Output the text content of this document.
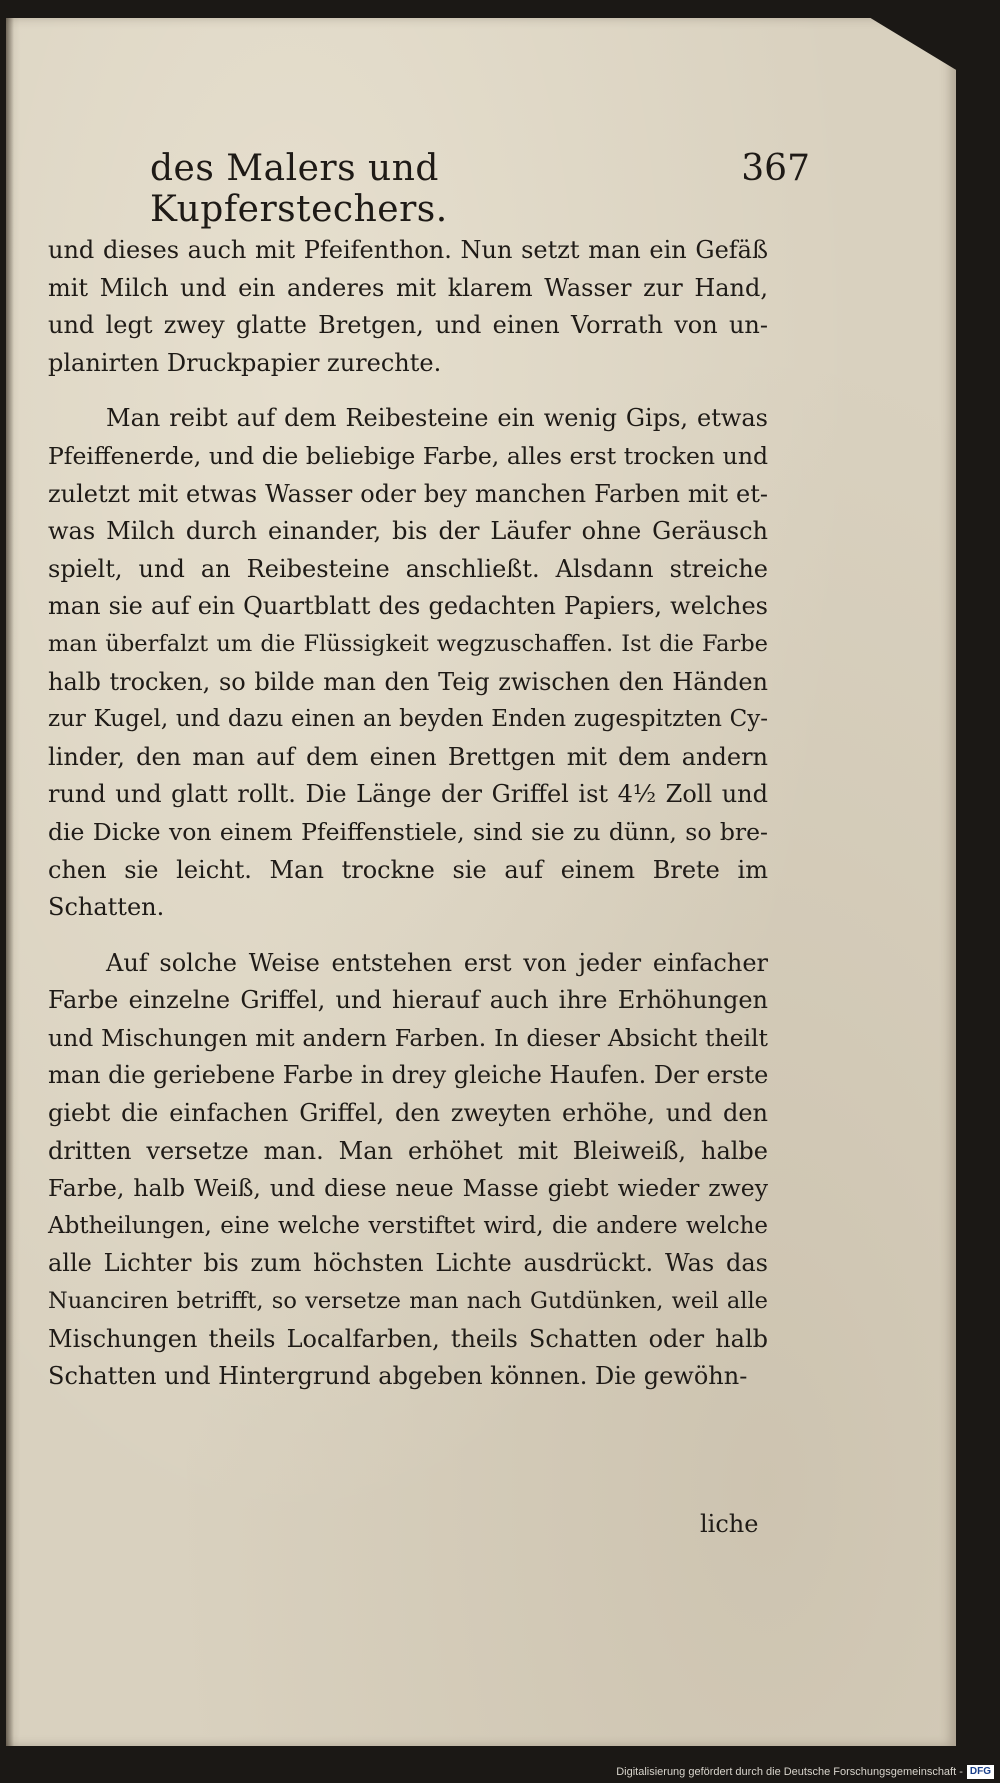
des Malers und Kupferstechers.
367

und dieses auch mit Pfeifenthon. Nun setzt man ein Gefäß
mit Milch und ein anderes mit klarem Wasser zur Hand,
und legt zwey glatte Bretgen, und einen Vorrath von un-
planirten Druckpapier zurechte.

Man reibt auf dem Reibesteine ein wenig Gips, etwas
Pfeiffenerde, und die beliebige Farbe, alles erst trocken und
zuletzt mit etwas Wasser oder bey manchen Farben mit et-
was Milch durch einander, bis der Läufer ohne Geräusch
spielt, und an Reibesteine anschließt. Alsdann streiche
man sie auf ein Quartblatt des gedachten Papiers, welches
man überfalzt um die Flüssigkeit wegzuschaffen. Ist die Farbe
halb trocken, so bilde man den Teig zwischen den Händen
zur Kugel, und dazu einen an beyden Enden zugespitzten Cy-
linder, den man auf dem einen Brettgen mit dem andern
rund und glatt rollt. Die Länge der Griffel ist 4½ Zoll und
die Dicke von einem Pfeiffenstiele, sind sie zu dünn, so bre-
chen sie leicht. Man trockne sie auf einem Brete im
Schatten.

Auf solche Weise entstehen erst von jeder einfacher
Farbe einzelne Griffel, und hierauf auch ihre Erhöhungen
und Mischungen mit andern Farben. In dieser Absicht theilt
man die geriebene Farbe in drey gleiche Haufen. Der erste
giebt die einfachen Griffel, den zweyten erhöhe, und den
dritten versetze man. Man erhöhet mit Bleiweiß, halbe
Farbe, halb Weiß, und diese neue Masse giebt wieder zwey
Abtheilungen, eine welche verstiftet wird, die andere welche
alle Lichter bis zum höchsten Lichte ausdrückt. Was das
Nuanciren betrifft, so versetze man nach Gutdünken, weil alle
Mischungen theils Localfarben, theils Schatten oder halb
Schatten und Hintergrund abgeben können. Die gewöhn-

liche
Digitalisierung gefördert durch die Deutsche Forschungsgemeinschaft - DFG
